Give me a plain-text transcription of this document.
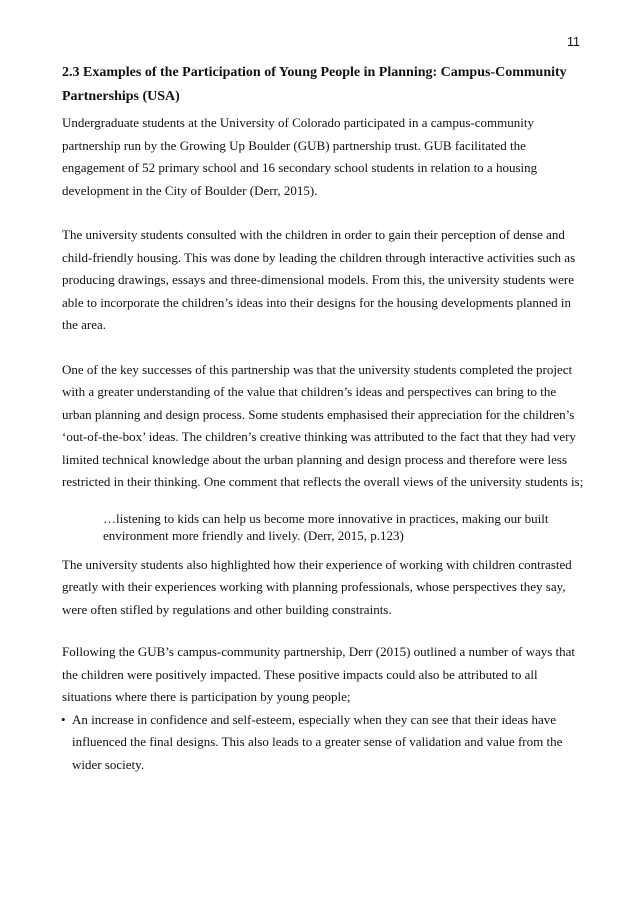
11
2.3 Examples of the Participation of Young People in Planning: Campus-Community
Partnerships (USA)

Undergraduate students at the University of Colorado participated in a campus-community
partnership run by the Growing Up Boulder (GUB) partnership trust. GUB facilitated the
engagement of 52 primary school and 16 secondary school students in relation to a housing
development in the City of Boulder (Derr, 2015).

The university students consulted with the children in order to gain their perception of dense and
child-friendly housing. This was done by leading the children through interactive activities such as
producing drawings, essays and three-dimensional models. From this, the university students were
able to incorporate the children’s ideas into their designs for the housing developments planned in
the area.

One of the key successes of this partnership was that the university students completed the project
with a greater understanding of the value that children’s ideas and perspectives can bring to the
urban planning and design process. Some students emphasised their appreciation for the children’s
‘out-of-the-box’ ideas. The children’s creative thinking was attributed to the fact that they had very
limited technical knowledge about the urban planning and design process and therefore were less
restricted in their thinking. One comment that reflects the overall views of the university students is;

…listening to kids can help us become more innovative in practices, making our built
environment more friendly and lively. (Derr, 2015, p.123)

The university students also highlighted how their experience of working with children contrasted
greatly with their experiences working with planning professionals, whose perspectives they say,
were often stifled by regulations and other building constraints.

Following the GUB’s campus-community partnership, Derr (2015) outlined a number of ways that
the children were positively impacted. These positive impacts could also be attributed to all
situations where there is participation by young people;

• An increase in confidence and self-esteem, especially when they can see that their ideas have
influenced the final designs. This also leads to a greater sense of validation and value from the
wider society.
